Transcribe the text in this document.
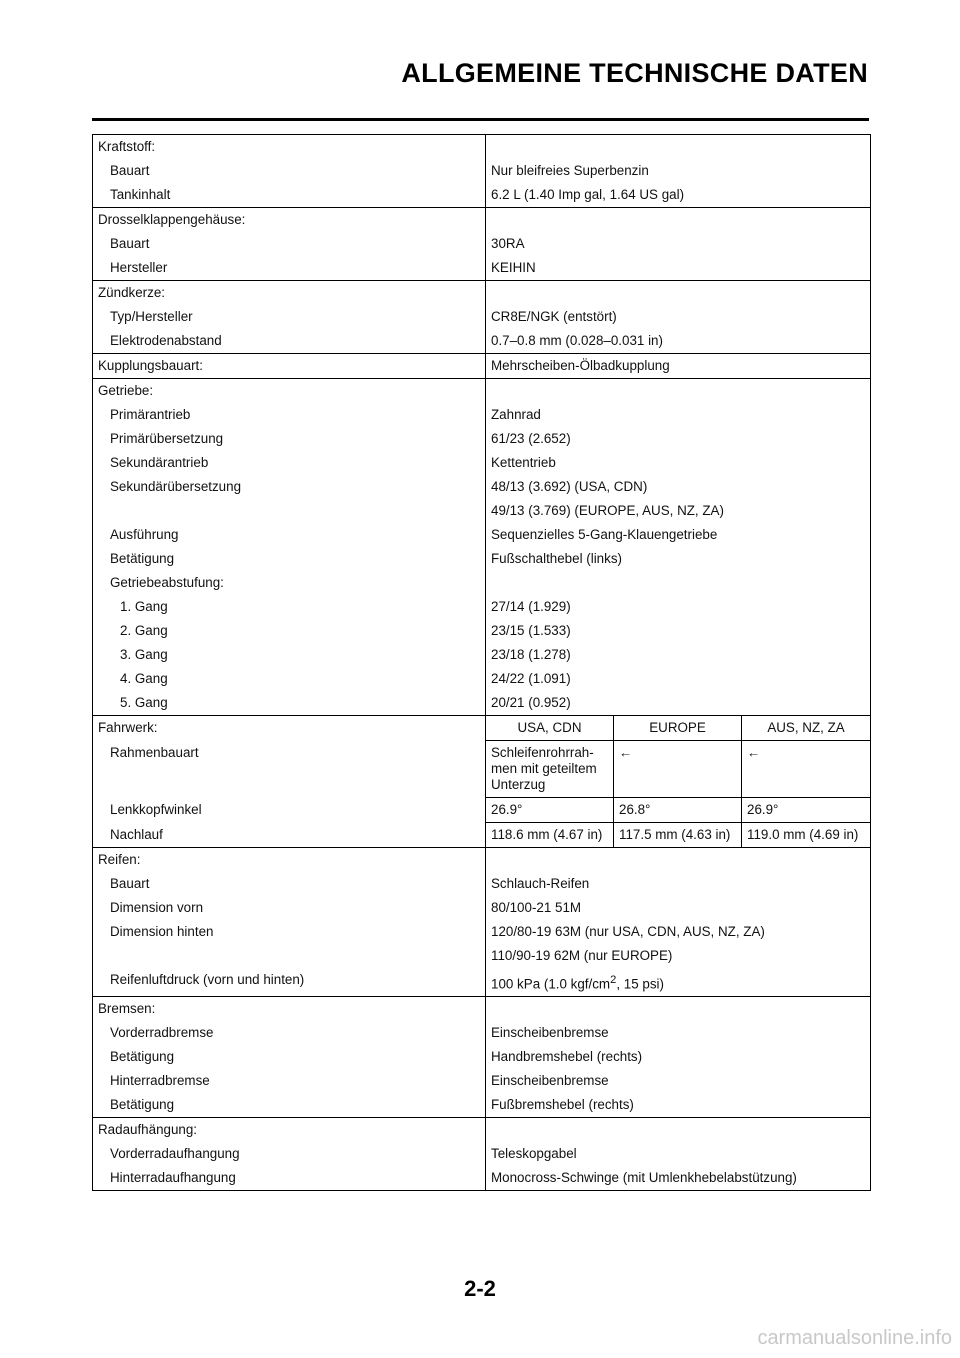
ALLGEMEINE TECHNISCHE DATEN
Kraftstoff:			
Bauart	Nur bleifreies Superbenzin		
Tankinhalt	6.2 L (1.40 Imp gal, 1.64 US gal)		
Drosselklappengehäuse:			
Bauart	30RA		
Hersteller	KEIHIN		
Zündkerze:			
Typ/Hersteller	CR8E/NGK (entstört)		
Elektrodenabstand	0.7–0.8 mm (0.028–0.031 in)		
Kupplungsbauart:	Mehrscheiben-Ölbadkupplung		
Getriebe:			
Primärantrieb	Zahnrad		
Primärübersetzung	61/23 (2.652)		
Sekundärantrieb	Kettentrieb		
Sekundärübersetzung	48/13 (3.692) (USA, CDN)		
	49/13 (3.769) (EUROPE, AUS, NZ, ZA)		
Ausführung	Sequenzielles 5-Gang-Klauengetriebe		
Betätigung	Fußschalthebel (links)		
Getriebeabstufung:			
1. Gang	27/14 (1.929)		
2. Gang	23/15 (1.533)		
3. Gang	23/18 (1.278)		
4. Gang	24/22 (1.091)		
5. Gang	20/21 (0.952)		
Fahrwerk:	USA, CDN	EUROPE	AUS, NZ, ZA
Rahmenbauart	Schleifenrohrrah-men mit geteiltem Unterzug	←	←
Lenkkopfwinkel	26.9°	26.8°	26.9°
Nachlauf	118.6 mm (4.67 in)	117.5 mm (4.63 in)	119.0 mm (4.69 in)
Reifen:			
Bauart	Schlauch-Reifen		
Dimension vorn	80/100-21 51M		
Dimension hinten	120/80-19 63M (nur USA, CDN, AUS, NZ, ZA)		
	110/90-19 62M (nur EUROPE)		
Reifenluftdruck (vorn und hinten)	100 kPa (1.0 kgf/$cm^2$, 15 psi)		
Bremsen:			
Vorderradbremse	Einscheibenbremse		
Betätigung	Handbremshebel (rechts)		
Hinterradbremse	Einscheibenbremse		
Betätigung	Fußbremshebel (rechts)		
Radaufhängung:			
Vorderradaufhangung	Teleskopgabel		
Hinterradaufhangung	Monocross-Schwinge (mit Umlenkhebelabstützung)		
2-2
carmanualsonline.info
